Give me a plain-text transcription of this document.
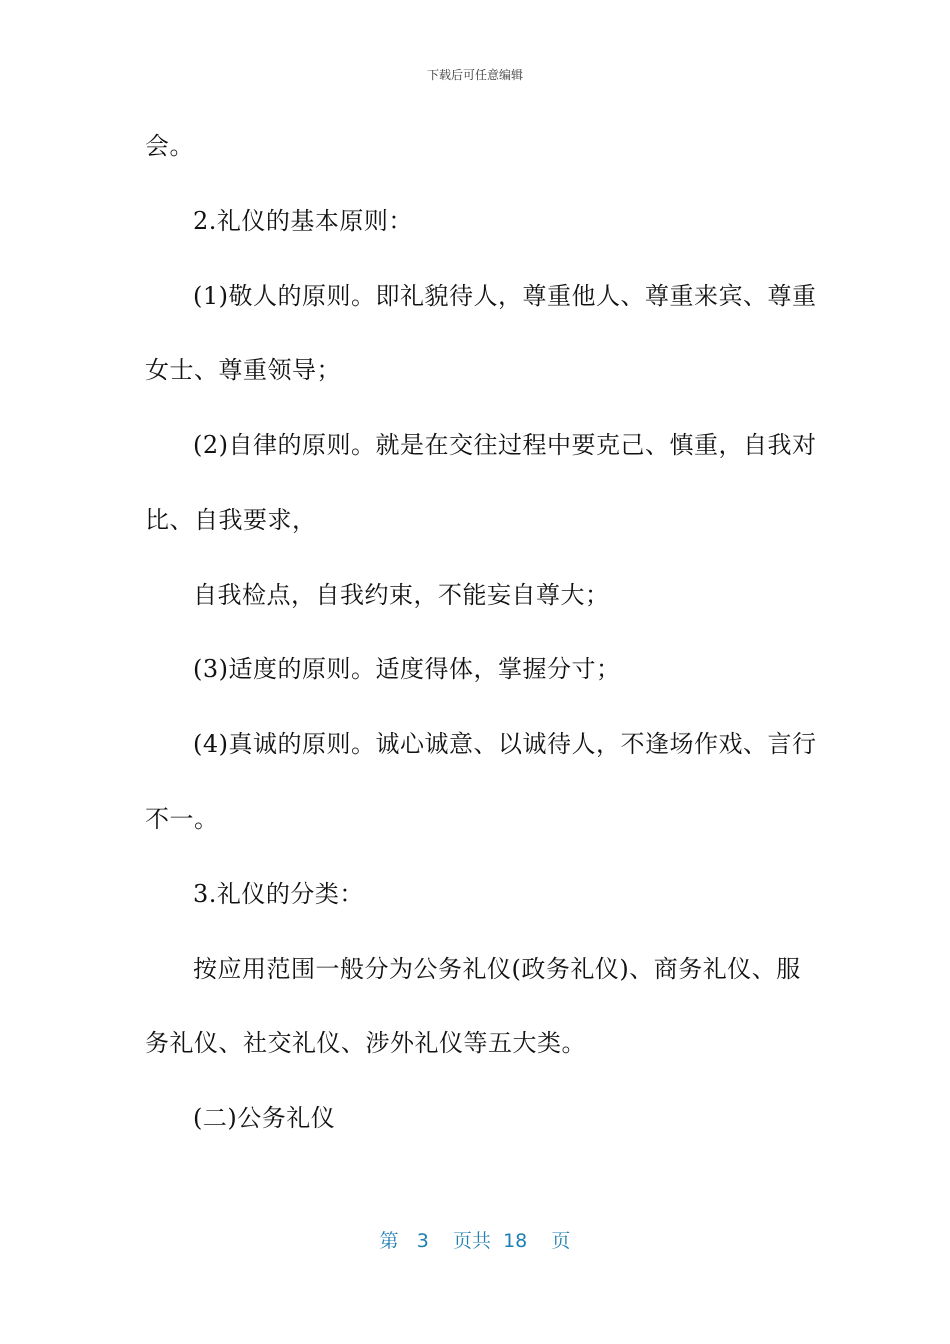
下载后可任意编辑
会。
2.礼仪的基本原则：
(1)敬人的原则。即礼貌待人，尊重他人、尊重来宾、尊重
女士、尊重领导；
(2)自律的原则。就是在交往过程中要克己、慎重，自我对
比、自我要求，
自我检点，自我约束，不能妄自尊大；
(3)适度的原则。适度得体，掌握分寸；
(4)真诚的原则。诚心诚意、以诚待人，不逢场作戏、言行
不一。
3.礼仪的分类：
按应用范围一般分为公务礼仪(政务礼仪)、商务礼仪、服
务礼仪、社交礼仪、涉外礼仪等五大类。
(二)公务礼仪
第 3 页共 18 页
